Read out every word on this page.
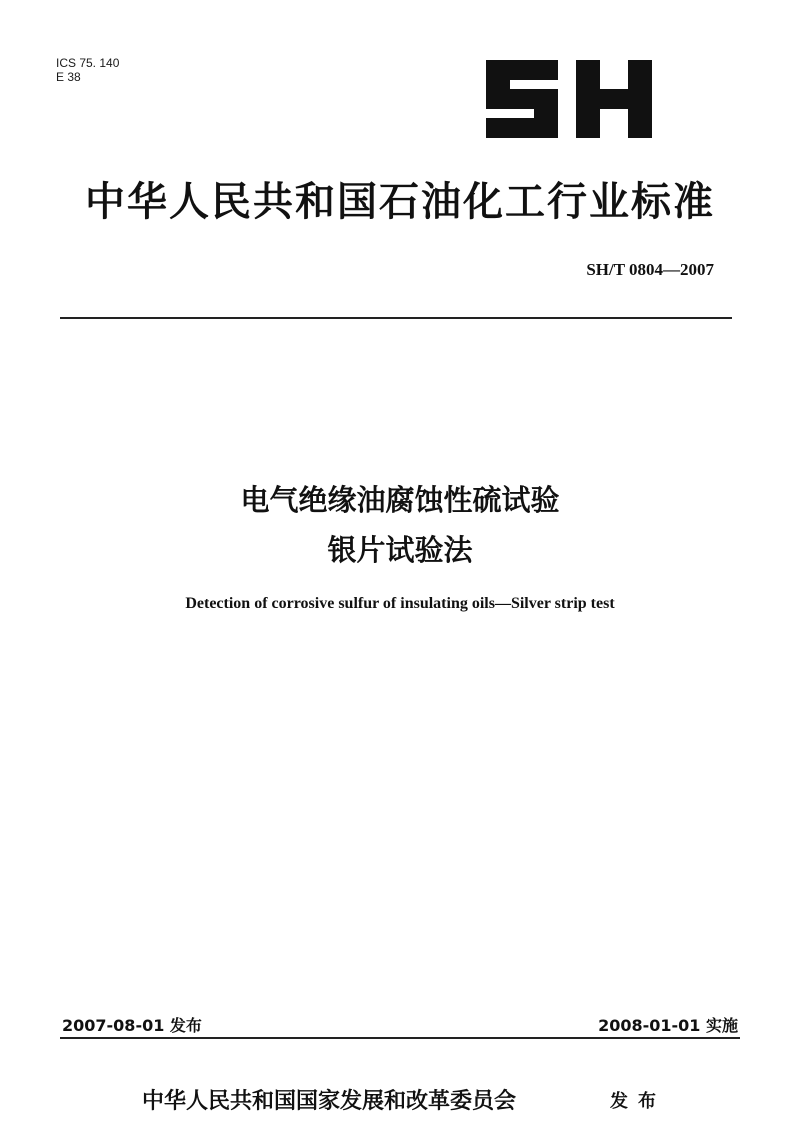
ICS 75. 140
E 38
中华人民共和国石油化工行业标准
SH/T 0804—2007
电气绝缘油腐蚀性硫试验
银片试验法
Detection of corrosive sulfur of insulating oils—Silver strip test
2007-08-01 发布	2008-01-01 实施
中华人民共和国国家发展和改革委员会	发布
